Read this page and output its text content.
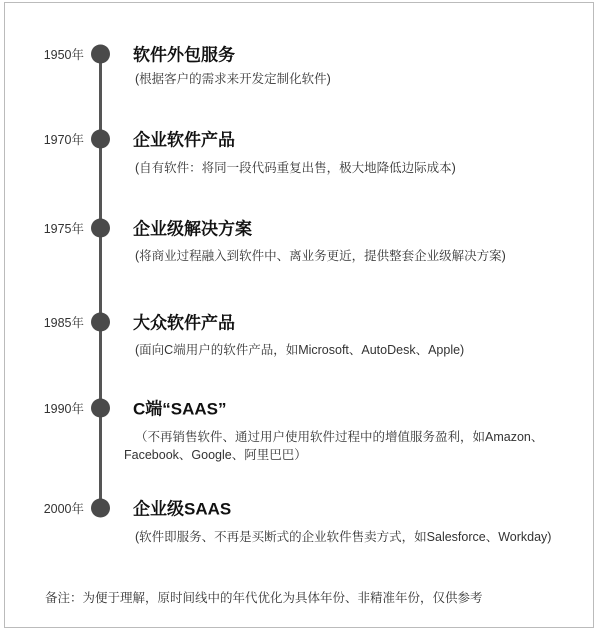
1950年	软件外包服务
(根据客户的需求来开发定制化软件)
1970年	企业软件产品
(自有软件：将同一段代码重复出售，极大地降低边际成本)
1975年	企业级解决方案
(将商业过程融入到软件中、离业务更近，提供整套企业级解决方案)
1985年	大众软件产品
(面向C端用户的软件产品，如Microsoft、AutoDesk、Apple)
1990年	C端“SAAS”
（不再销售软件、通过用户使用软件过程中的增值服务盈利，如Amazon、Facebook、Google、阿里巴巴）
2000年	企业级SAAS
(软件即服务、不再是买断式的企业软件售卖方式，如Salesforce、Workday)
备注：为便于理解，原时间线中的年代优化为具体年份、非精准年份，仅供参考
